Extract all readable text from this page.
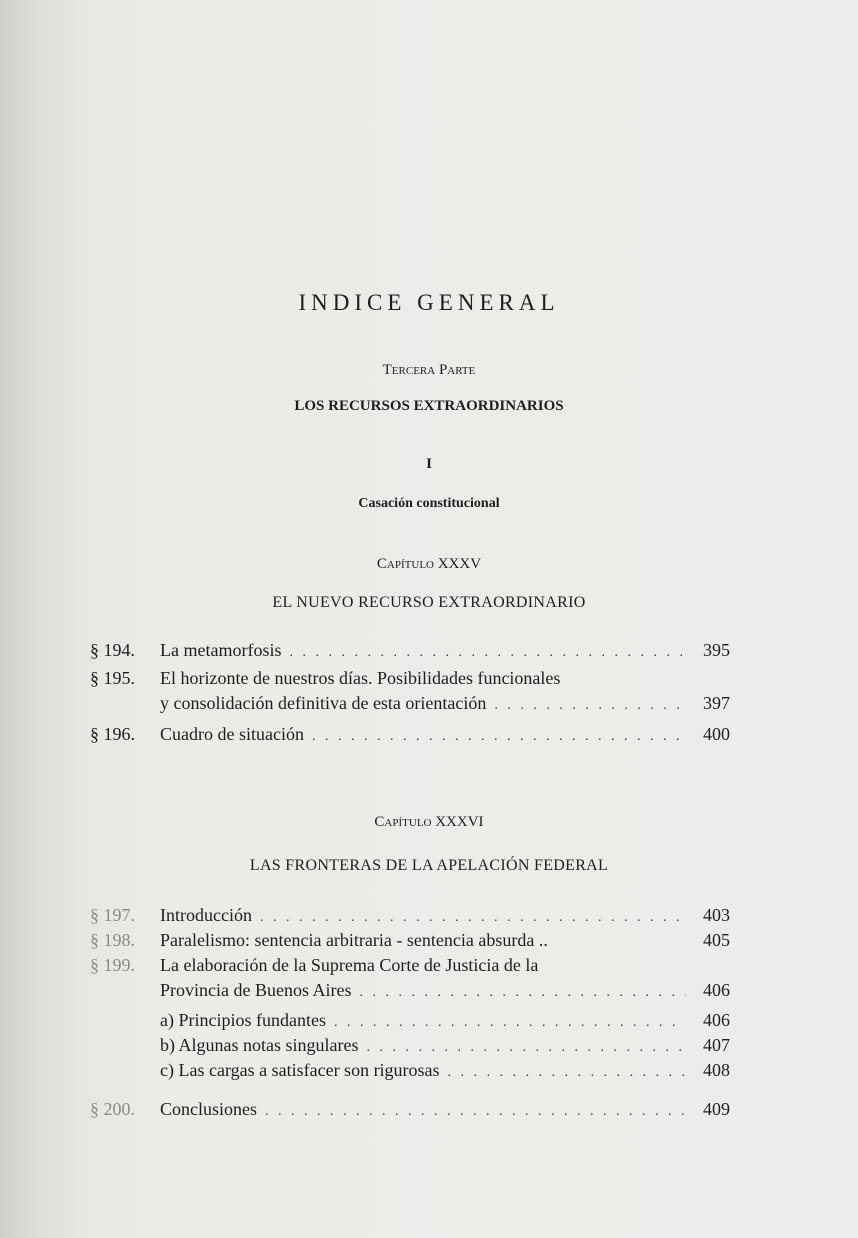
INDICE GENERAL
Tercera Parte
LOS RECURSOS EXTRAORDINARIOS
I
Casación constitucional
Capítulo XXXV
EL NUEVO RECURSO EXTRAORDINARIO
§ 194.	La metamorfosis . . .	395
§ 195.	El horizonte de nuestros días. Posibilidades funcionales
y consolidación definitiva de esta orientación . . .	397
§ 196.	Cuadro de situación . . .	400
Capítulo XXXVI
LAS FRONTERAS DE LA APELACIÓN FEDERAL
§ 197.	Introducción . . .	403
§ 198.	Paralelismo: sentencia arbitraria - sentencia absurda ..	405
§ 199.	La elaboración de la Suprema Corte de Justicia de la
Provincia de Buenos Aires . . .	406
a) Principios fundantes . . .	406
b) Algunas notas singulares . . .	407
c) Las cargas a satisfacer son rigurosas . . .	408
§ 200.	Conclusiones . . .	409
